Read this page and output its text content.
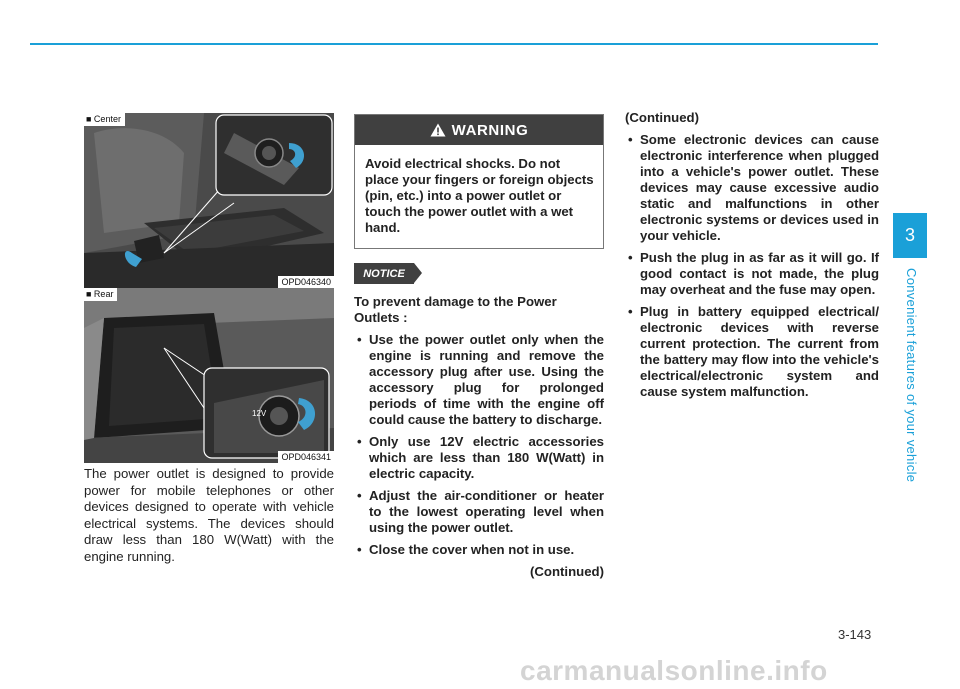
3
Convenient features of your vehicle
■ Center
OPD046340
12V
■ Rear
OPD046341
The power outlet is designed to provide power for mobile telephones or other devices designed to operate with vehicle electrical systems. The devices should draw less than 180 W(Watt) with the engine running.
WARNING
Avoid electrical shocks. Do not place your fingers or foreign objects (pin, etc.) into a power outlet or touch the power outlet with a wet hand.
NOTICE

To prevent damage to the Power Outlets :

• Use the power outlet only when the engine is running and remove the accessory plug after use. Using the accessory plug for prolonged periods of time with the engine off could cause the battery to discharge.
• Only use 12V electric accessories which are less than 180 W(Watt) in electric capacity.
• Adjust the air-conditioner or heater to the lowest operating level when using the power outlet.
• Close the cover when not in use.
(Continued)

(Continued)

• Some electronic devices can cause electronic interference when plugged into a vehicle's power outlet. These devices may cause excessive audio static and malfunctions in other electronic systems or devices used in your vehicle.
• Push the plug in as far as it will go. If good contact is not made, the plug may overheat and the fuse may open.
• Plug in battery equipped electrical/ electronic devices with reverse current protection. The current from the battery may flow into the vehicle's electrical/electronic system and cause system malfunction.
3-143
carmanualsonline.info
